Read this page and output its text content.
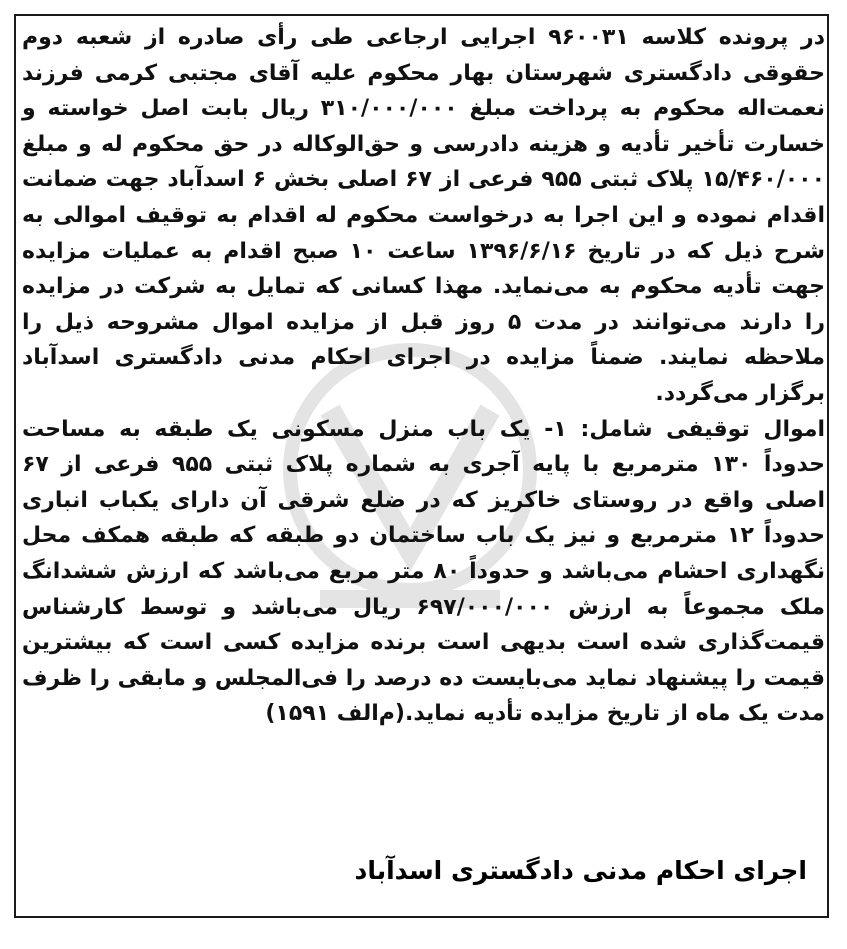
در پرونده کلاسه ۹۶۰۰۳۱ اجرایی ارجاعی طی رأی صادره از شعبه دوم حقوقی دادگستری شهرستان بهار محکوم علیه آقای مجتبی کرمی فرزند نعمت‌اله محکوم به پرداخت مبلغ ۳۱۰/۰۰۰/۰۰۰ ریال بابت اصل خواسته و خسارت تأخیر تأدیه و هزینه دادرسی و حق‌الوکاله در حق محکوم له و مبلغ ۱۵/۴۶۰/۰۰۰ پلاک ثبتی ۹۵۵ فرعی از ۶۷ اصلی بخش ۶ اسدآباد جهت ضمانت اقدام نموده و این اجرا به درخواست محکوم له اقدام به توقیف اموالی به شرح ذیل که در تاریخ ۱۳۹۶/۶/۱۶ ساعت ۱۰ صبح اقدام به عملیات مزایده جهت تأدیه محکوم به می‌نماید. مهذا کسانی که تمایل به شرکت در مزایده را دارند می‌توانند در مدت ۵ روز قبل از مزایده اموال مشروحه ذیل را ملاحظه نمایند. ضمناً مزایده در اجرای احکام مدنی دادگستری اسدآباد برگزار می‌گردد.

اموال توقیفی شامل: ۱- یک باب منزل مسکونی یک طبقه به مساحت حدوداً ۱۳۰ مترمربع با پایه آجری به شماره پلاک ثبتی ۹۵۵ فرعی از ۶۷ اصلی واقع در روستای خاکریز که در ضلع شرقی آن دارای یکباب انباری حدوداً ۱۲ مترمربع و نیز یک باب ساختمان دو طبقه که طبقه همکف محل نگهداری احشام می‌باشد و حدوداً ۸۰ متر مربع می‌باشد که ارزش ششدانگ ملک مجموعاً به ارزش ۶۹۷/۰۰۰/۰۰۰ ریال می‌باشد و توسط کارشناس قیمت‌گذاری شده است بدیهی است برنده مزایده کسی است که بیشترین قیمت را پیشنهاد نماید می‌بایست ده درصد را فی‌المجلس و مابقی را ظرف مدت یک ماه از تاریخ مزایده تأدیه نماید.(م‌الف ۱۵۹۱)

اجرای احکام مدنی دادگستری اسدآباد
